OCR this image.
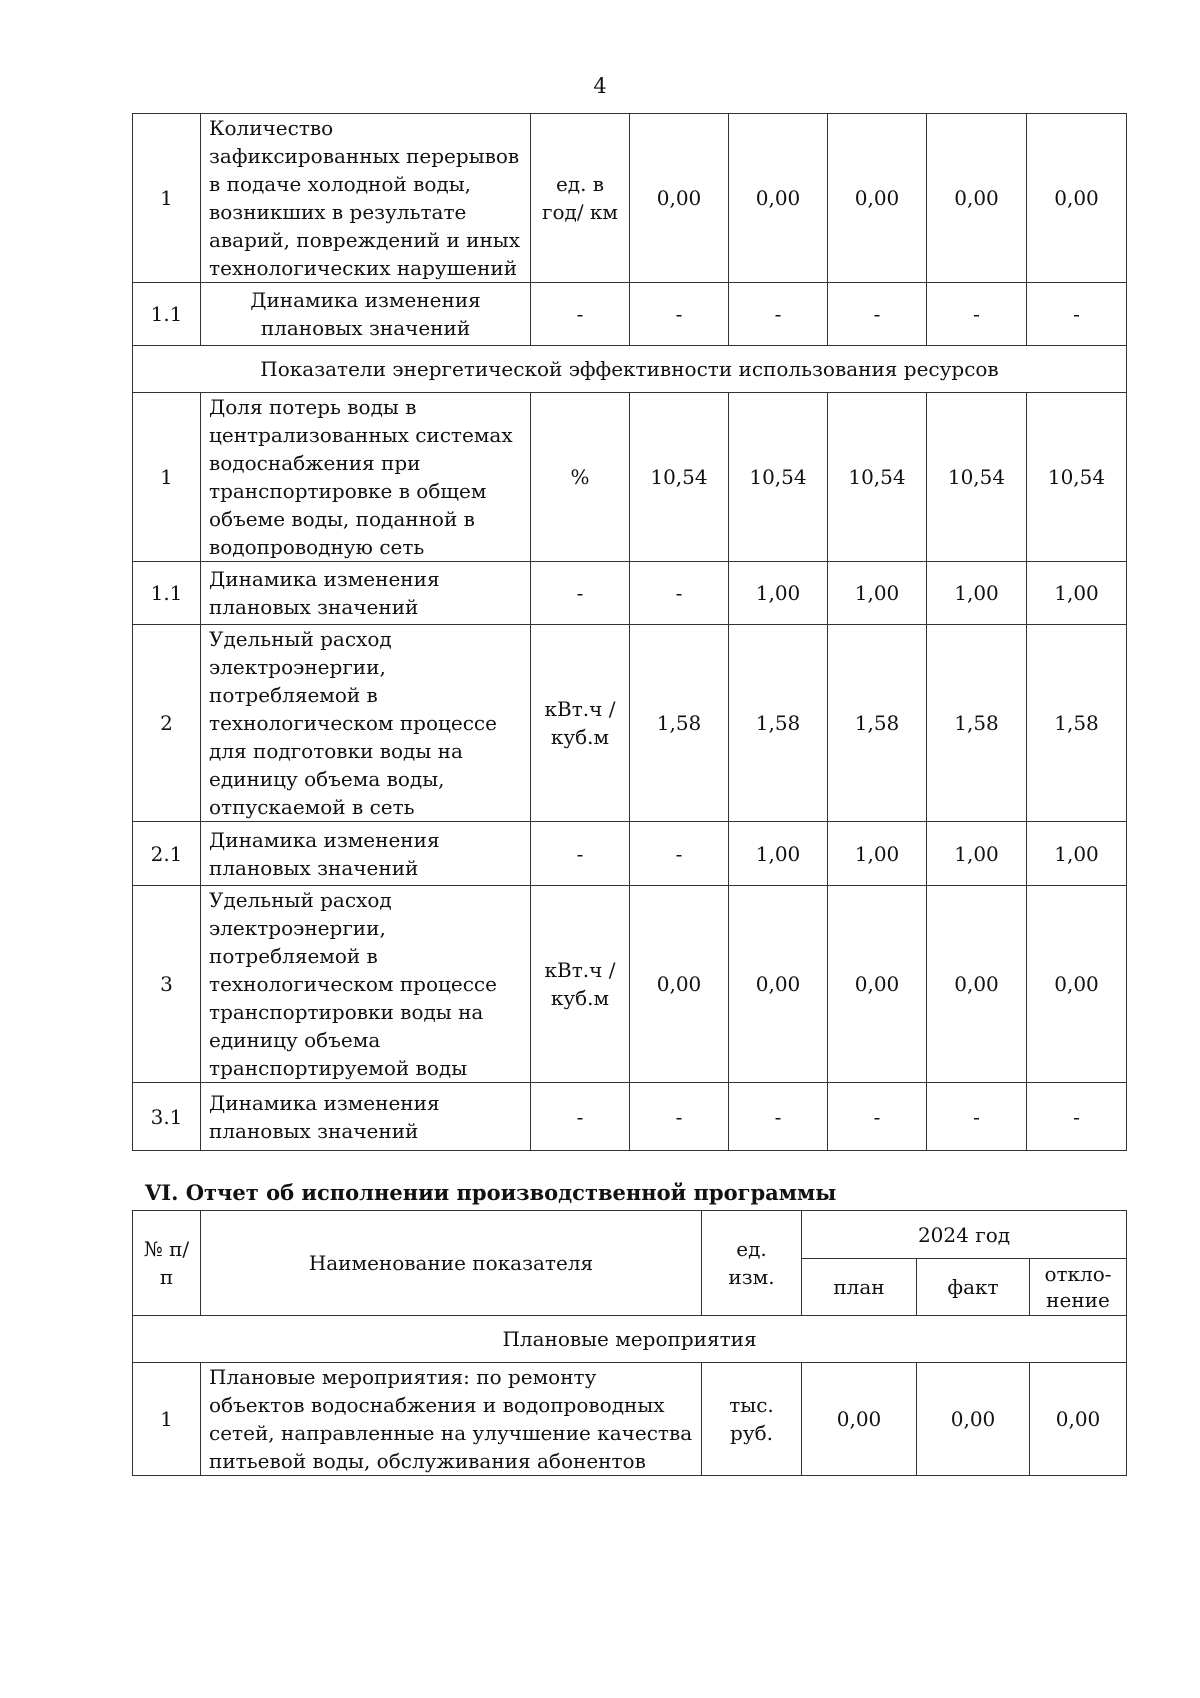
4
1	Количество зафиксированных перерывов в подаче холодной воды, возникших в результате аварий, повреждений и иных технологических нарушений	ед. в год/ км	0,00	0,00	0,00	0,00	0,00
1.1	Динамика изменения плановых значений	-	-	-	-	-	-
Показатели энергетической эффективности использования ресурсов							
1	Доля потерь воды в централизованных системах водоснабжения при транспортировке в общем объеме воды, поданной в водопроводную сеть	%	10,54	10,54	10,54	10,54	10,54
1.1	Динамика изменения плановых значений	-	-	1,00	1,00	1,00	1,00
2	Удельный расход электроэнергии, потребляемой в технологическом процессе для подготовки воды на единицу объема воды, отпускаемой в сеть	кВт.ч / куб.м	1,58	1,58	1,58	1,58	1,58
2.1	Динамика изменения плановых значений	-	-	1,00	1,00	1,00	1,00
3	Удельный расход электроэнергии, потребляемой в технологическом процессе транспортировки воды на единицу объема транспортируемой воды	кВт.ч / куб.м	0,00	0,00	0,00	0,00	0,00
3.1	Динамика изменения плановых значений	-	-	-	-	-	-
VI. Отчет об исполнении производственной программы
№ п/п	Наименование показателя	ед. изм.	2024 год		
			план	факт	откло-нение
Плановые мероприятия					
1	Плановые мероприятия: по ремонту объектов водоснабжения и водопроводных сетей, направленные на улучшение качества питьевой воды, обслуживания абонентов	тыс. руб.	0,00	0,00	0,00
